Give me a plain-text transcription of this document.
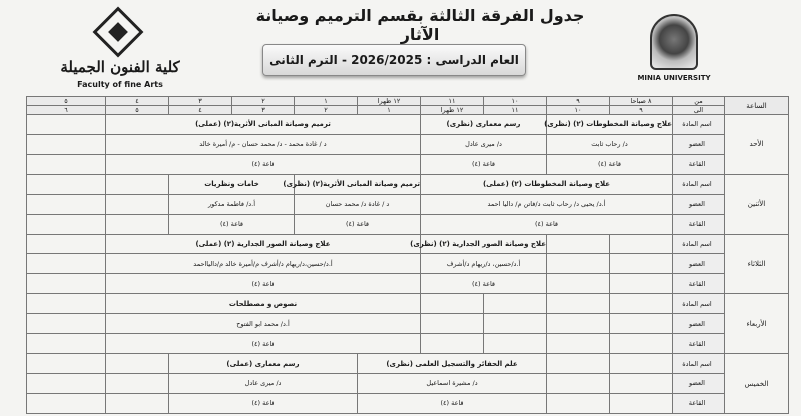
كلية الفنون الجميلة
Faculty of fine Arts
جدول الفرقة الثالثة بقسم الترميم وصيانة الآثار
العام الدراسى : 2026/2025 - الترم الثانى
MINIA UNIVERSITY
الساعة	من	٨ صباحا	٩	١٠	١١	١٢ ظهرا	١	٢	٣	٤	٥
	الى	٩	١٠	١١	١٢ ظهرا	١	٢	٣	٤	٥	٦
الأحد	اسم المادة	علاج وصيانة المخطوطات (٢) (نظرى)		رسم معمارى (نظرى)		ترميم وصيانة المبانى الأثرية(٢) (عملى)					
	العضو	د/ رحاب ثابت		د/ ميرى عادل		د / غادة محمد - د/ محمد حسان - م/ أميرة خالد					
	القاعة	قاعة (٤)		قاعة (٤)		قاعة (٤)					
الأثنين	اسم المادة	علاج وصيانة المخطوطات (٢) (عملى)				ترميم وصيانة المبانى الأثرية(٢) (نظرى)		خامات ونظريات			
	العضو	أ.د/ يحيى د/ رحاب ثابت د/فاتن م/ داليا احمد				د / غادة د/ محمد حسان		أ.د/ فاطمة مدكور			
	القاعة	قاعة (٤)				قاعة (٤)		قاعة (٤)			
الثلاثاء	اسم المادة			علاج وصيانة الصور الجدارية (٢) (نظرى)		علاج وصيانة الصور الجدارية (٢) (عملى)					
	العضو			أ.د/حسين، د/ريهام د/أشرف		أ.د/حسين،د/ريهام د/أشرف م/أميرة خالد م/داليااحمد					
	القاعة			قاعة (٤)		قاعة (٤)					
الأربعاء	اسم المادة					نصوص و مصطلحات					
	العضو					أ.د/ محمد ابو الفتوح					
	القاعة					قاعة (٤)					
الخميس	اسم المادة			علم الحفائر والتسجيل العلمى (نظرى)			رسم معمارى (عملى)				
	العضو			د/ مشيرة اسماعيل			د/ ميرى عادل				
	القاعة			قاعة (٤)			قاعة (٤)				
